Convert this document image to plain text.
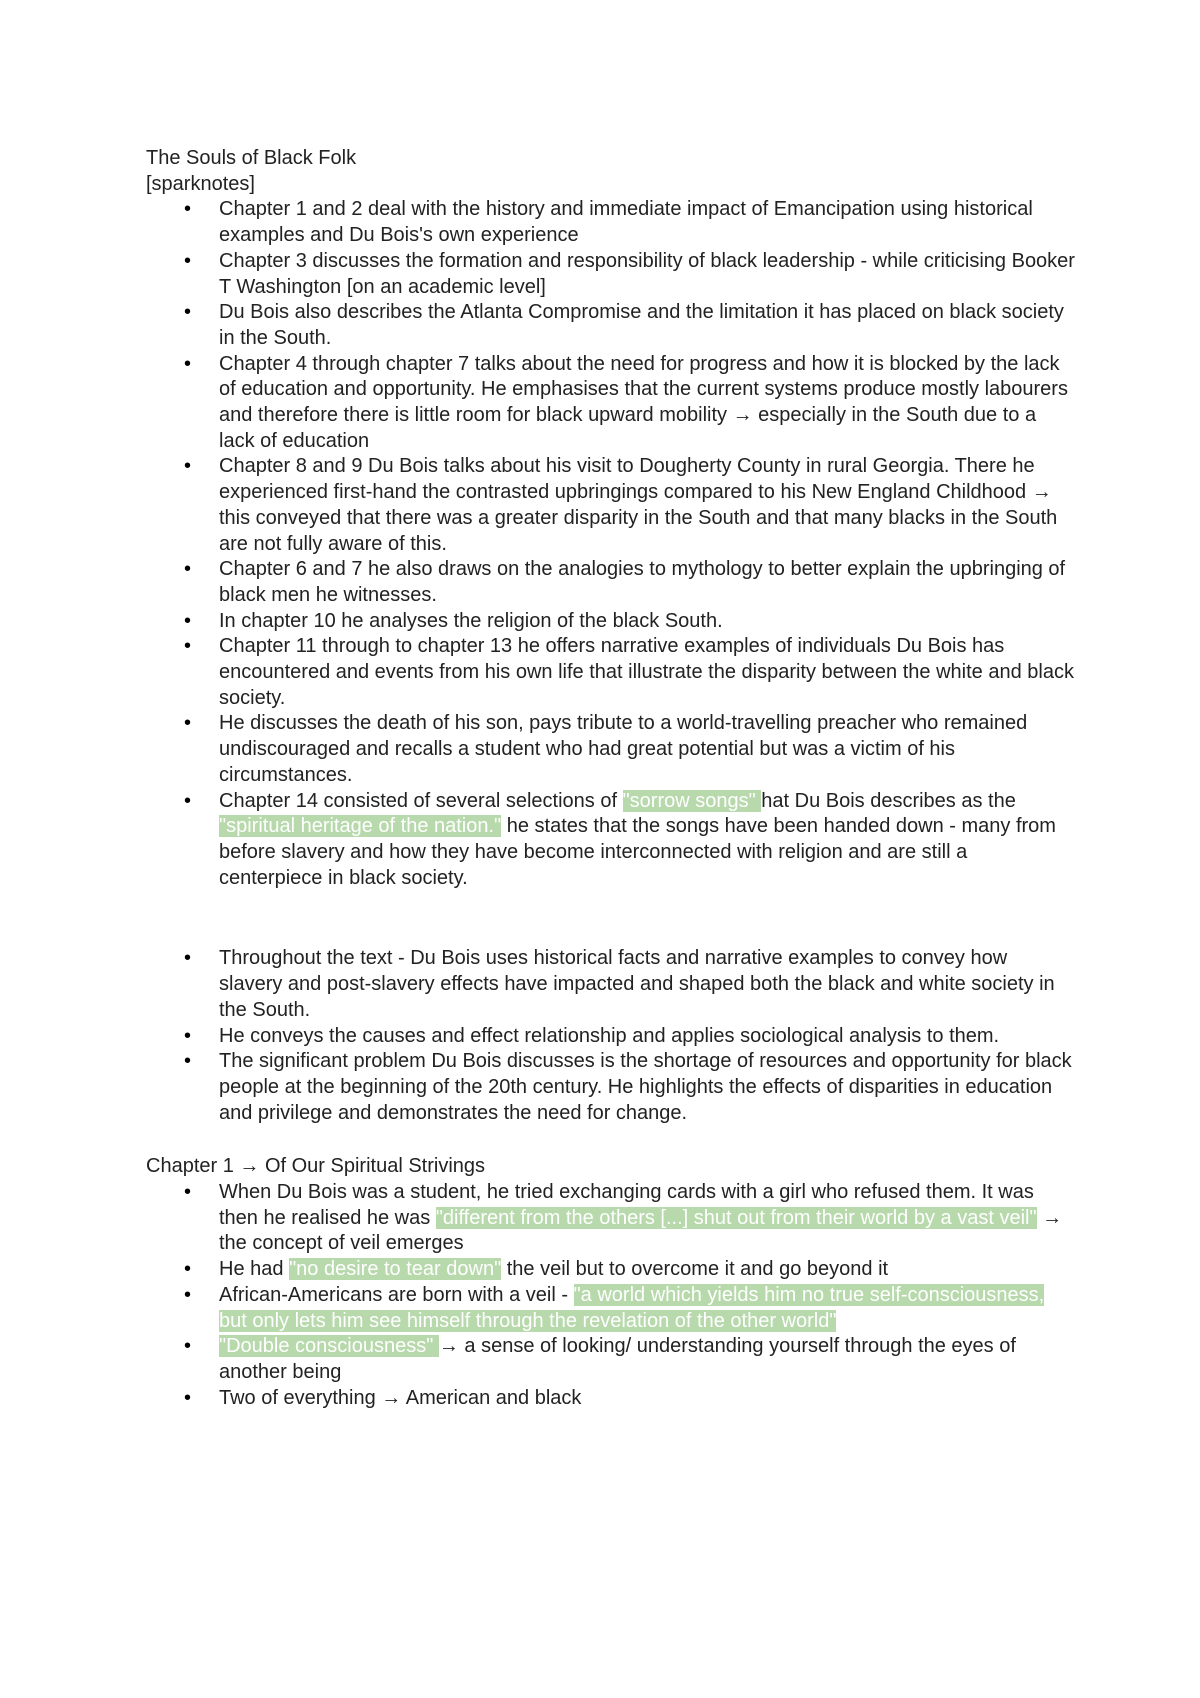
The Souls of Black Folk

[sparknotes]

• Chapter 1 and 2 deal with the history and immediate impact of Emancipation using historical examples and Du Bois's own experience
• Chapter 3 discusses the formation and responsibility of black leadership - while criticising Booker T Washington [on an academic level]
• Du Bois also describes the Atlanta Compromise and the limitation it has placed on black society in the South.
• Chapter 4 through chapter 7 talks about the need for progress and how it is blocked by the lack of education and opportunity. He emphasises that the current systems produce mostly labourers and therefore there is little room for black upward mobility → especially in the South due to a lack of education
• Chapter 8 and 9 Du Bois talks about his visit to Dougherty County in rural Georgia. There he experienced first-hand the contrasted upbringings compared to his New England Childhood → this conveyed that there was a greater disparity in the South and that many blacks in the South are not fully aware of this.
• Chapter 6 and 7 he also draws on the analogies to mythology to better explain the upbringing of black men he witnesses.
• In chapter 10 he analyses the religion of the black South.
• Chapter 11 through to chapter 13 he offers narrative examples of individuals Du Bois has encountered and events from his own life that illustrate the disparity between the white and black society.
• He discusses the death of his son, pays tribute to a world-travelling preacher who remained undiscouraged and recalls a student who had great potential but was a victim of his circumstances.
• Chapter 14 consisted of several selections of "sorrow songs" hat Du Bois describes as the "spiritual heritage of the nation." he states that the songs have been handed down - many from before slavery and how they have become interconnected with religion and are still a centerpiece in black society.
• Throughout the text - Du Bois uses historical facts and narrative examples to convey how slavery and post-slavery effects have impacted and shaped both the black and white society in the South.
• He conveys the causes and effect relationship and applies sociological analysis to them.
• The significant problem Du Bois discusses is the shortage of resources and opportunity for black people at the beginning of the 20th century. He highlights the effects of disparities in education and privilege and demonstrates the need for change.

Chapter 1 → Of Our Spiritual Strivings

• When Du Bois was a student, he tried exchanging cards with a girl who refused them. It was then he realised he was "different from the others [...] shut out from their world by a vast veil" → the concept of veil emerges
• He had "no desire to tear down" the veil but to overcome it and go beyond it
• African-Americans are born with a veil - "a world which yields him no true self-consciousness, but only lets him see himself through the revelation of the other world"
• "Double consciousness" → a sense of looking/ understanding yourself through the eyes of another being
• Two of everything → American and black
